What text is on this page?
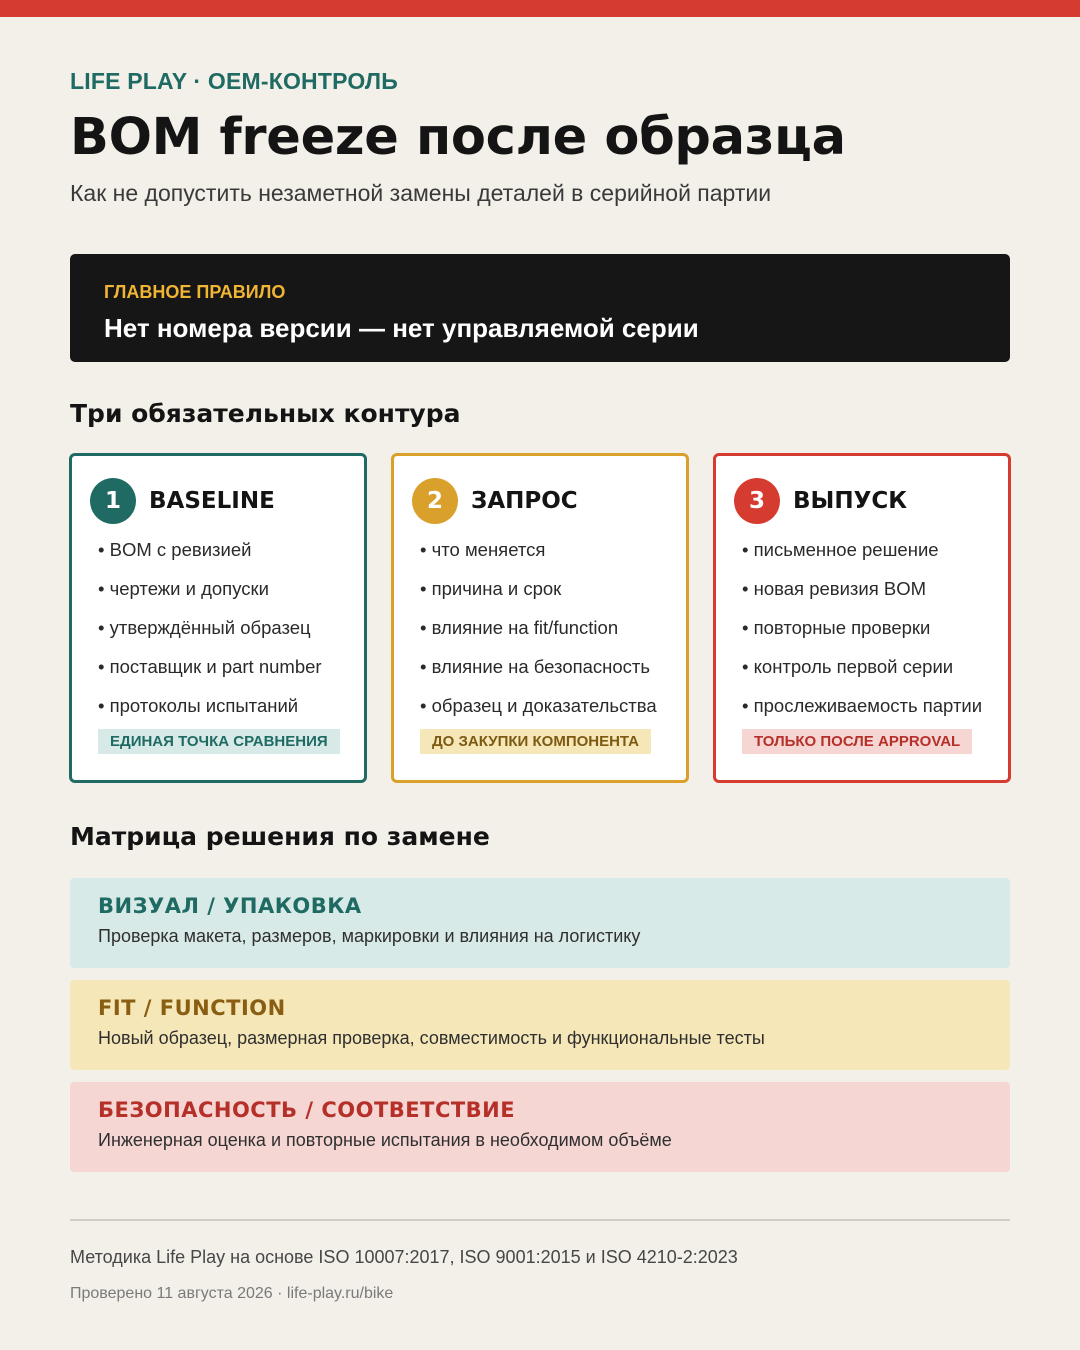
LIFE PLAY · OEM-КОНТРОЛЬ
BOM freeze после образца
Как не допустить незаметной замены деталей в серийной партии
ГЛАВНОЕ ПРАВИЛО
Нет номера версии — нет управляемой серии
Три обязательных контура
1	BASELINE
• BOM с ревизией
• чертежи и допуски
• утверждённый образец
• поставщик и part number
• протоколы испытаний
ЕДИНАЯ ТОЧКА СРАВНЕНИЯ
2	ЗАПРОС
• что меняется
• причина и срок
• влияние на fit/function
• влияние на безопасность
• образец и доказательства
ДО ЗАКУПКИ КОМПОНЕНТА
3	ВЫПУСК
• письменное решение
• новая ревизия BOM
• повторные проверки
• контроль первой серии
• прослеживаемость партии
ТОЛЬКО ПОСЛЕ APPROVAL
Матрица решения по замене
ВИЗУАЛ / УПАКОВКА
Проверка макета, размеров, маркировки и влияния на логистику
FIT / FUNCTION
Новый образец, размерная проверка, совместимость и функциональные тесты
БЕЗОПАСНОСТЬ / СООТВЕТСТВИЕ
Инженерная оценка и повторные испытания в необходимом объёме
Методика Life Play на основе ISO 10007:2017, ISO 9001:2015 и ISO 4210-2:2023
Проверено 11 августа 2026 · life-play.ru/bike
